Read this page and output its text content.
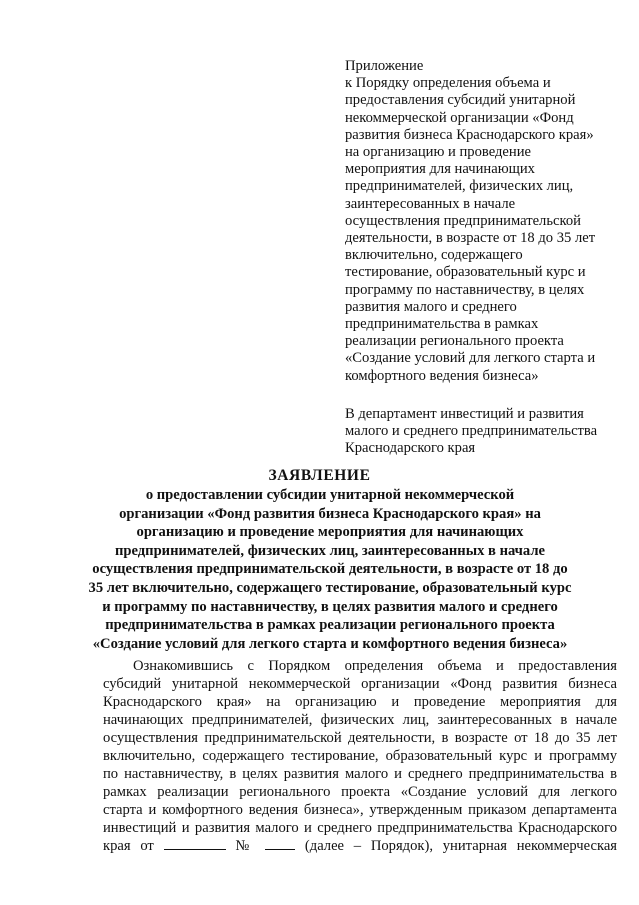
Приложение
к Порядку определения объема и
предоставления субсидий унитарной
некоммерческой организации «Фонд
развития бизнеса Краснодарского края»
на организацию и проведение
мероприятия для начинающих
предпринимателей, физических лиц,
заинтересованных в начале
осуществления предпринимательской
деятельности, в возрасте от 18 до 35 лет
включительно, содержащего
тестирование, образовательный курс и
программу по наставничеству, в целях
развития малого и среднего
предпринимательства в рамках
реализации регионального проекта
«Создание условий для легкого старта и
комфортного ведения бизнеса»
В департамент инвестиций и развития
малого и среднего предпринимательства
Краснодарского края
ЗАЯВЛЕНИЕ
о предоставлении субсидии унитарной некоммерческой
организации «Фонд развития бизнеса Краснодарского края» на
организацию и проведение мероприятия для начинающих
предпринимателей, физических лиц, заинтересованных в начале
осуществления предпринимательской деятельности, в возрасте от 18 до
35 лет включительно, содержащего тестирование, образовательный курс
и программу по наставничеству, в целях развития малого и среднего
предпринимательства в рамках реализации регионального проекта
«Создание условий для легкого старта и комфортного ведения бизнеса»
Ознакомившись с Порядком определения объема и предоставления
субсидий унитарной некоммерческой организации «Фонд развития бизнеса
Краснодарского края» на организацию и проведение мероприятия для
начинающих предпринимателей, физических лиц, заинтересованных в начале
осуществления предпринимательской деятельности, в возрасте от 18 до 35 лет
включительно, содержащего тестирование, образовательный курс и программу
по наставничеству, в целях развития малого и среднего предпринимательства в
рамках реализации регионального проекта «Создание условий для легкого
старта и комфортного ведения бизнеса», утвержденным приказом департамента
инвестиций и развития малого и среднего предпринимательства Краснодарского
края от	№	(далее – Порядок), унитарная некоммерческая
